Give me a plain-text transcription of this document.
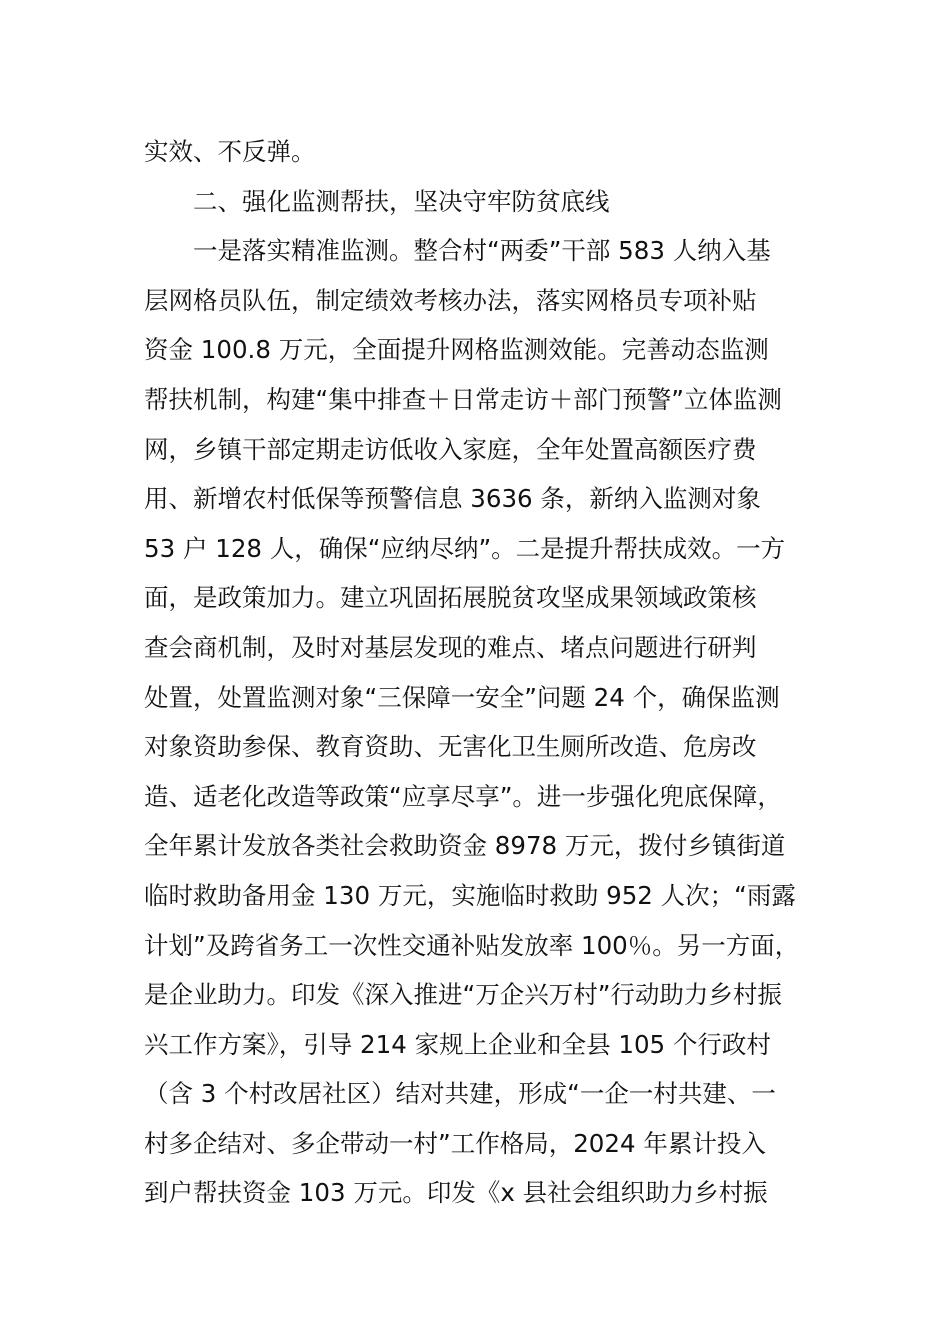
实效、不反弹。
二、强化监测帮扶，坚决守牢防贫底线
一是落实精准监测。整合村“两委”干部 583 人纳入基
层网格员队伍，制定绩效考核办法，落实网格员专项补贴
资金 100.8 万元，全面提升网格监测效能。完善动态监测
帮扶机制，构建“集中排查＋日常走访＋部门预警”立体监测
网，乡镇干部定期走访低收入家庭，全年处置高额医疗费
用、新增农村低保等预警信息 3636 条，新纳入监测对象
53 户 128 人，确保“应纳尽纳”。二是提升帮扶成效。一方
面，是政策加力。建立巩固拓展脱贫攻坚成果领域政策核
查会商机制，及时对基层发现的难点、堵点问题进行研判
处置，处置监测对象“三保障一安全”问题 24 个，确保监测
对象资助参保、教育资助、无害化卫生厕所改造、危房改
造、适老化改造等政策“应享尽享”。进一步强化兜底保障，
全年累计发放各类社会救助资金 8978 万元，拨付乡镇街道
临时救助备用金 130 万元，实施临时救助 952 人次；“雨露
计划”及跨省务工一次性交通补贴发放率 100％。另一方面，
是企业助力。印发《深入推进“万企兴万村”行动助力乡村振
兴工作方案》，引导 214 家规上企业和全县 105 个行政村
（含 3 个村改居社区）结对共建，形成“一企一村共建、一
村多企结对、多企带动一村”工作格局，2024 年累计投入
到户帮扶资金 103 万元。印发《x 县社会组织助力乡村振
